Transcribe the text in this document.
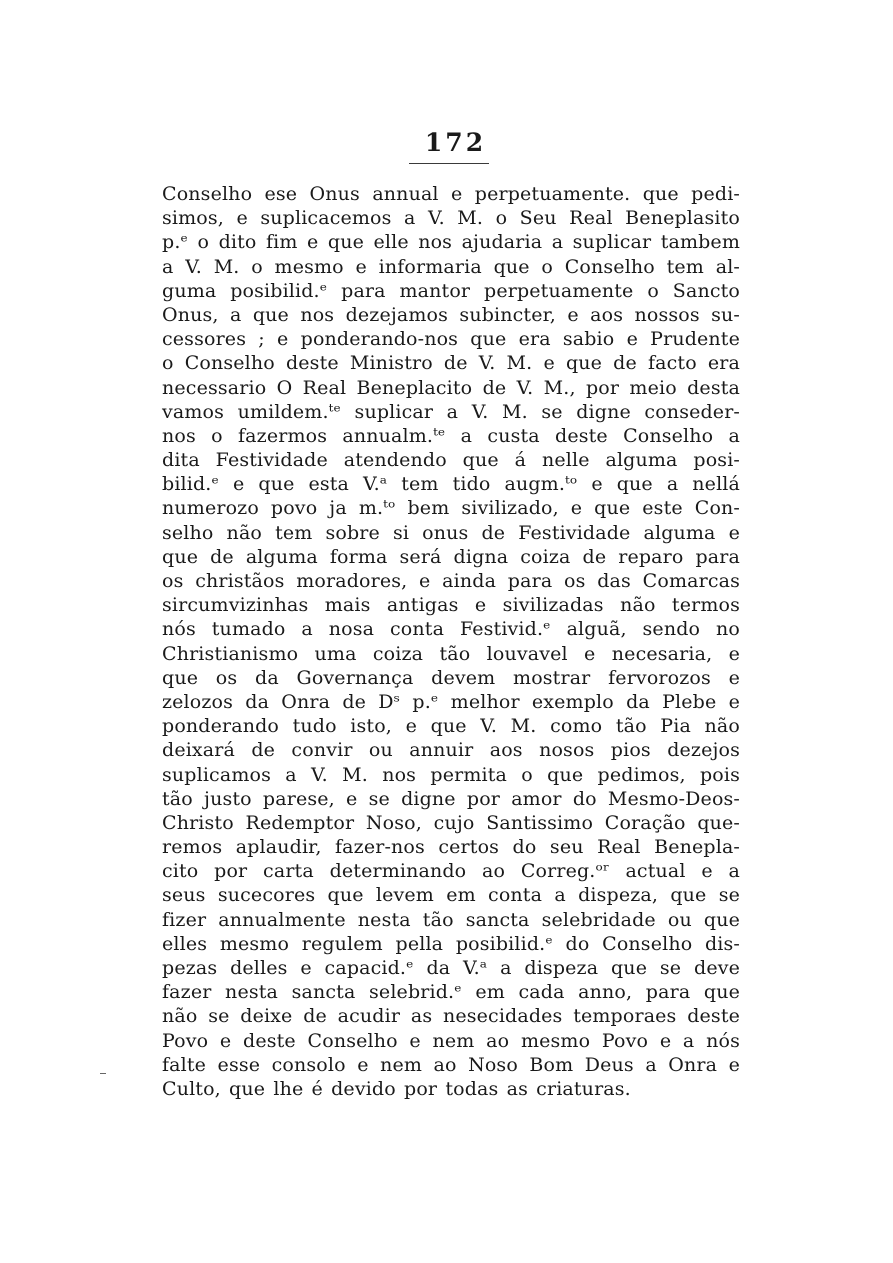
172
Conselho ese Onus annual e perpetuamente. que pedi-
simos, e suplicacemos a V. M. o Seu Real Beneplasito
p.ᵉ o dito fim e que elle nos ajudaria a suplicar tambem
a V. M. o mesmo e informaria que o Conselho tem al-
guma posibilid.ᵉ para mantor perpetuamente o Sancto
Onus, a que nos dezejamos subincter, e aos nossos su-
cessores ; e ponderando-nos que era sabio e Prudente
o Conselho deste Ministro de V. M. e que de facto era
necessario O Real Beneplacito de V. M., por meio desta
vamos umildem.ᵗᵉ suplicar a V. M. se digne conseder-
nos o fazermos annualm.ᵗᵉ a custa deste Conselho a
dita Festividade atendendo que á nelle alguma posi-
bilid.ᵉ e que esta V.ᵃ tem tido augm.ᵗᵒ e que a nellá
numerozo povo ja m.ᵗᵒ bem sivilizado, e que este Con-
selho não tem sobre si onus de Festividade alguma e
que de alguma forma será digna coiza de reparo para
os christãos moradores, e ainda para os das Comarcas
sircumvizinhas mais antigas e sivilizadas não termos
nós tumado a nosa conta Festivid.ᵉ alguã, sendo no
Christianismo uma coiza tão louvavel e necesaria, e
que os da Governança devem mostrar fervorozos e
zelozos da Onra de Dˢ p.ᵉ melhor exemplo da Plebe e
ponderando tudo isto, e que V. M. como tão Pia não
deixará de convir ou annuir aos nosos pios dezejos
suplicamos a V. M. nos permita o que pedimos, pois
tão justo parese, e se digne por amor do Mesmo-Deos-
Christo Redemptor Noso, cujo Santissimo Coração que-
remos aplaudir, fazer-nos certos do seu Real Benepla-
cito por carta determinando ao Correg.ᵒʳ actual e a
seus sucecores que levem em conta a dispeza, que se
fizer annualmente nesta tão sancta selebridade ou que
elles mesmo regulem pella posibilid.ᵉ do Conselho dis-
pezas delles e capacid.ᵉ da V.ᵃ a dispeza que se deve
fazer nesta sancta selebrid.ᵉ em cada anno, para que
não se deixe de acudir as nesecidades temporaes deste
Povo e deste Conselho e nem ao mesmo Povo e a nós
falte esse consolo e nem ao Noso Bom Deus a Onra e
Culto, que lhe é devido por todas as criaturas.
